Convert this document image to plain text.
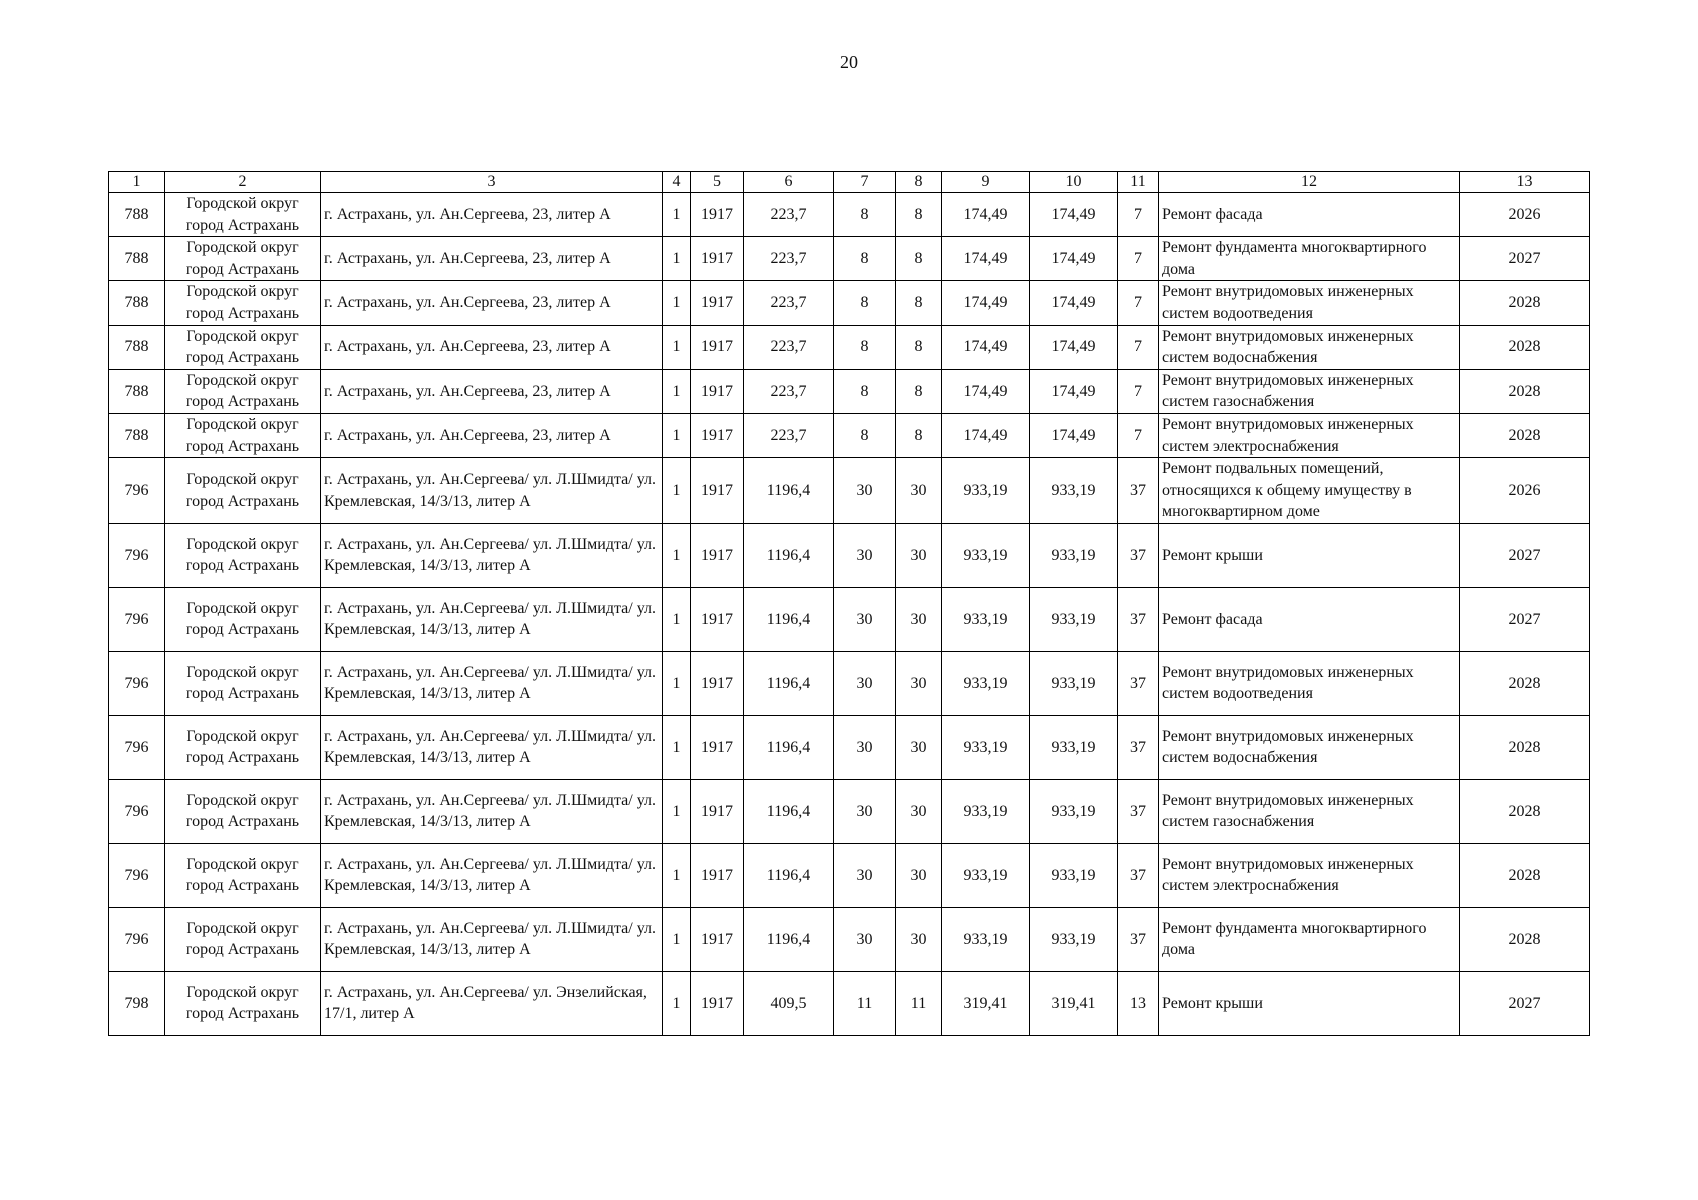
20
1	2	3	4	5	6	7	8	9	10	11	12	13
788	Городской округ город Астрахань	г. Астрахань, ул. Ан.Сергеева, 23, литер А	1	1917	223,7	8	8	174,49	174,49	7	Ремонт фасада	2026
788	Городской округ город Астрахань	г. Астрахань, ул. Ан.Сергеева, 23, литер А	1	1917	223,7	8	8	174,49	174,49	7	Ремонт фундамента многоквартирного дома	2027
788	Городской округ город Астрахань	г. Астрахань, ул. Ан.Сергеева, 23, литер А	1	1917	223,7	8	8	174,49	174,49	7	Ремонт внутридомовых инженерных систем водоотведения	2028
788	Городской округ город Астрахань	г. Астрахань, ул. Ан.Сергеева, 23, литер А	1	1917	223,7	8	8	174,49	174,49	7	Ремонт внутридомовых инженерных систем водоснабжения	2028
788	Городской округ город Астрахань	г. Астрахань, ул. Ан.Сергеева, 23, литер А	1	1917	223,7	8	8	174,49	174,49	7	Ремонт внутридомовых инженерных систем газоснабжения	2028
788	Городской округ город Астрахань	г. Астрахань, ул. Ан.Сергеева, 23, литер А	1	1917	223,7	8	8	174,49	174,49	7	Ремонт внутридомовых инженерных систем электроснабжения	2028
796	Городской округ город Астрахань	г. Астрахань, ул. Ан.Сергеева/ ул. Л.Шмидта/ ул. Кремлевская, 14/3/13, литер А	1	1917	1196,4	30	30	933,19	933,19	37	Ремонт подвальных помещений, относящихся к общему имуществу в многоквартирном доме	2026
796	Городской округ город Астрахань	г. Астрахань, ул. Ан.Сергеева/ ул. Л.Шмидта/ ул. Кремлевская, 14/3/13, литер А	1	1917	1196,4	30	30	933,19	933,19	37	Ремонт крыши	2027
796	Городской округ город Астрахань	г. Астрахань, ул. Ан.Сергеева/ ул. Л.Шмидта/ ул. Кремлевская, 14/3/13, литер А	1	1917	1196,4	30	30	933,19	933,19	37	Ремонт фасада	2027
796	Городской округ город Астрахань	г. Астрахань, ул. Ан.Сергеева/ ул. Л.Шмидта/ ул. Кремлевская, 14/3/13, литер А	1	1917	1196,4	30	30	933,19	933,19	37	Ремонт внутридомовых инженерных систем водоотведения	2028
796	Городской округ город Астрахань	г. Астрахань, ул. Ан.Сергеева/ ул. Л.Шмидта/ ул. Кремлевская, 14/3/13, литер А	1	1917	1196,4	30	30	933,19	933,19	37	Ремонт внутридомовых инженерных систем водоснабжения	2028
796	Городской округ город Астрахань	г. Астрахань, ул. Ан.Сергеева/ ул. Л.Шмидта/ ул. Кремлевская, 14/3/13, литер А	1	1917	1196,4	30	30	933,19	933,19	37	Ремонт внутридомовых инженерных систем газоснабжения	2028
796	Городской округ город Астрахань	г. Астрахань, ул. Ан.Сергеева/ ул. Л.Шмидта/ ул. Кремлевская, 14/3/13, литер А	1	1917	1196,4	30	30	933,19	933,19	37	Ремонт внутридомовых инженерных систем электроснабжения	2028
796	Городской округ город Астрахань	г. Астрахань, ул. Ан.Сергеева/ ул. Л.Шмидта/ ул. Кремлевская, 14/3/13, литер А	1	1917	1196,4	30	30	933,19	933,19	37	Ремонт фундамента многоквартирного дома	2028
798	Городской округ город Астрахань	г. Астрахань, ул. Ан.Сергеева/ ул. Энзелийская, 17/1, литер А	1	1917	409,5	11	11	319,41	319,41	13	Ремонт крыши	2027
